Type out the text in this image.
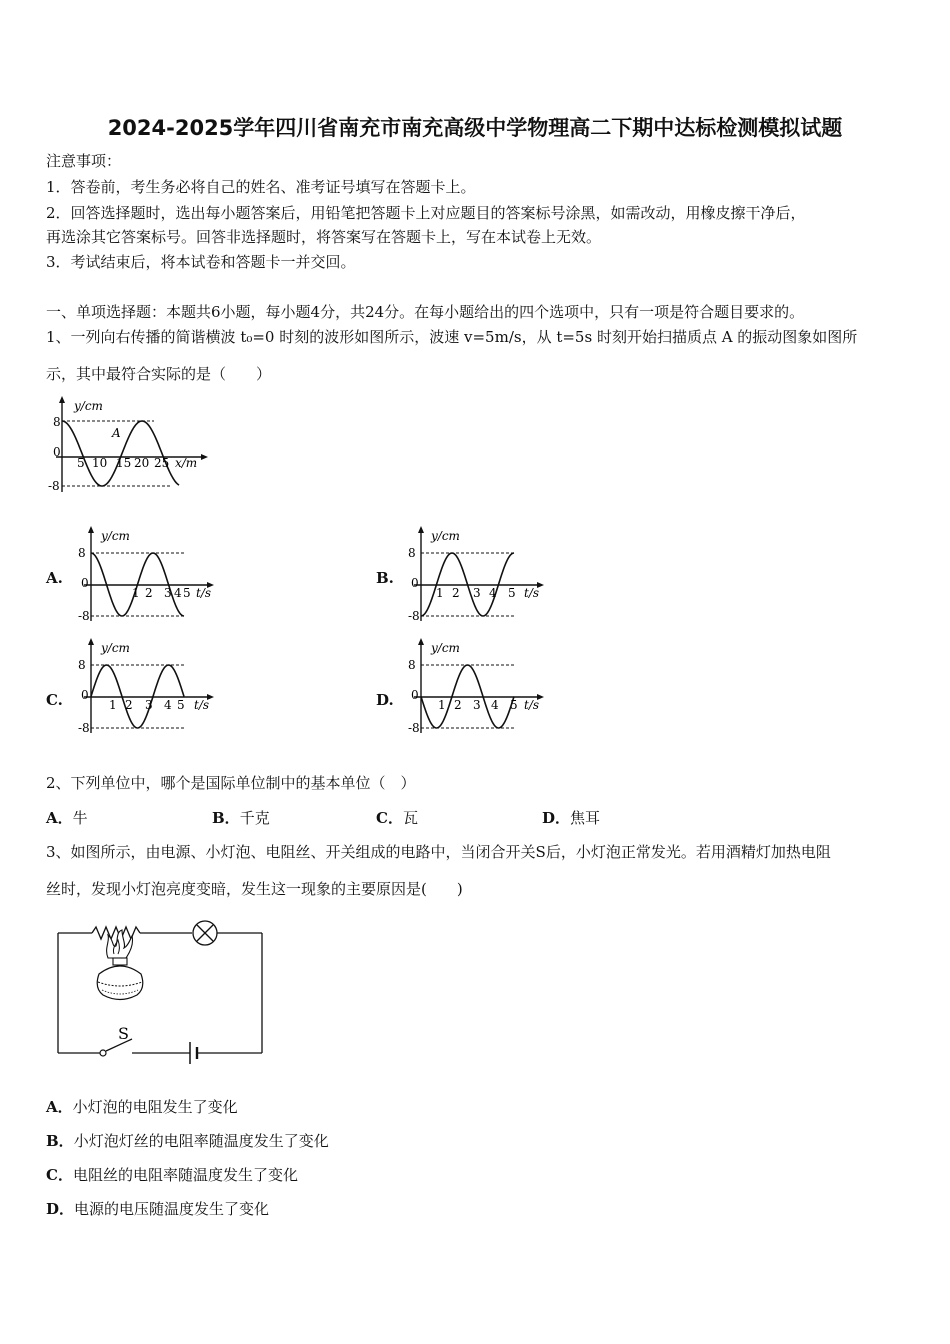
2024-2025学年四川省南充市南充高级中学物理高二下期中达标检测模拟试题
注意事项：
1．答卷前，考生务必将自己的姓名、准考证号填写在答题卡上。
2．回答选择题时，选出每小题答案后，用铅笔把答题卡上对应题目的答案标号涂黑，如需改动，用橡皮擦干净后，
再选涂其它答案标号。回答非选择题时，将答案写在答题卡上，写在本试卷上无效。
3．考试结束后，将本试卷和答题卡一并交回。
一、单项选择题：本题共6小题，每小题4分，共24分。在每小题给出的四个选项中，只有一项是符合题目要求的。
1、一列向右传播的简谐横波 t₀=0 时刻的波形如图所示，波速 v=5m/s，从 t=5s 时刻开始扫描质点 A 的振动图象如图所
示，其中最符合实际的是（　　）
y/cm
8
-8
0
5 10 15 20 25 x/m
A
A.	B.
C.	D.
y/cm
8
-8
0
1 2 3 4 5 t/s
y/cm
8
-8
0
1 2 3 4 5 t/s
y/cm
8
-8
0
1 2 3 4 5 t/s
y/cm
8
-8
0
1 2 3 4 5 t/s
2、下列单位中，哪个是国际单位制中的基本单位（　）
A．牛	B．千克	C．瓦	D．焦耳
3、如图所示，由电源、小灯泡、电阻丝、开关组成的电路中，当闭合开关S后，小灯泡正常发光。若用酒精灯加热电阻
丝时，发现小灯泡亮度变暗，发生这一现象的主要原因是(　　)
S
A．小灯泡的电阻发生了变化
B．小灯泡灯丝的电阻率随温度发生了变化
C．电阻丝的电阻率随温度发生了变化
D．电源的电压随温度发生了变化
